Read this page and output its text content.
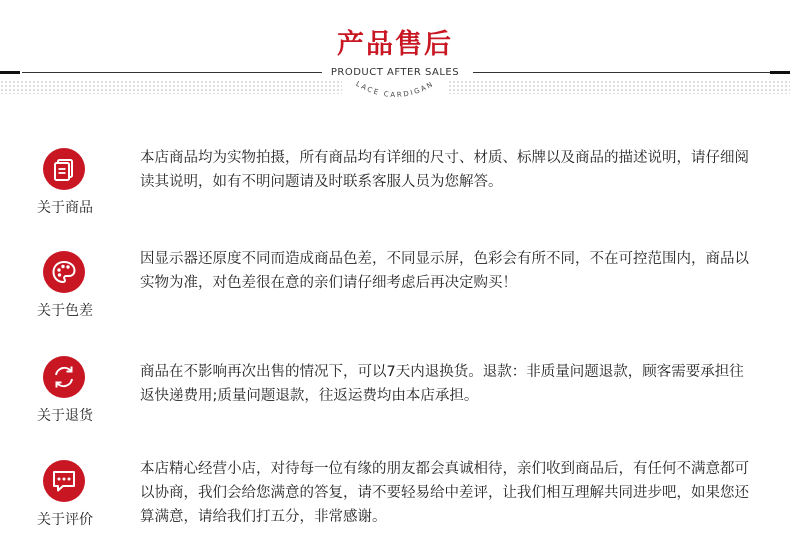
产品售后
PRODUCT AFTER SALES
LACE CARDIGAN
关于商品

本店商品均为实物拍摄，所有商品均有详细的尺寸、材质、标牌以及商品的描述说明，请仔细阅读其说明，如有不明问题请及时联系客服人员为您解答。

关于色差

因显示器还原度不同而造成商品色差，不同显示屏，色彩会有所不同，不在可控范围内，商品以实物为准，对色差很在意的亲们请仔细考虑后再决定购买！

关于退货

商品在不影响再次出售的情况下，可以7天内退换货。退款：非质量问题退款，顾客需要承担往返快递费用;质量问题退款，往返运费均由本店承担。

关于评价

本店精心经营小店，对待每一位有缘的朋友都会真诚相待，亲们收到商品后，有任何不满意都可以协商，我们会给您满意的答复，请不要轻易给中差评，让我们相互理解共同进步吧，如果您还算满意，请给我们打五分，非常感谢。
